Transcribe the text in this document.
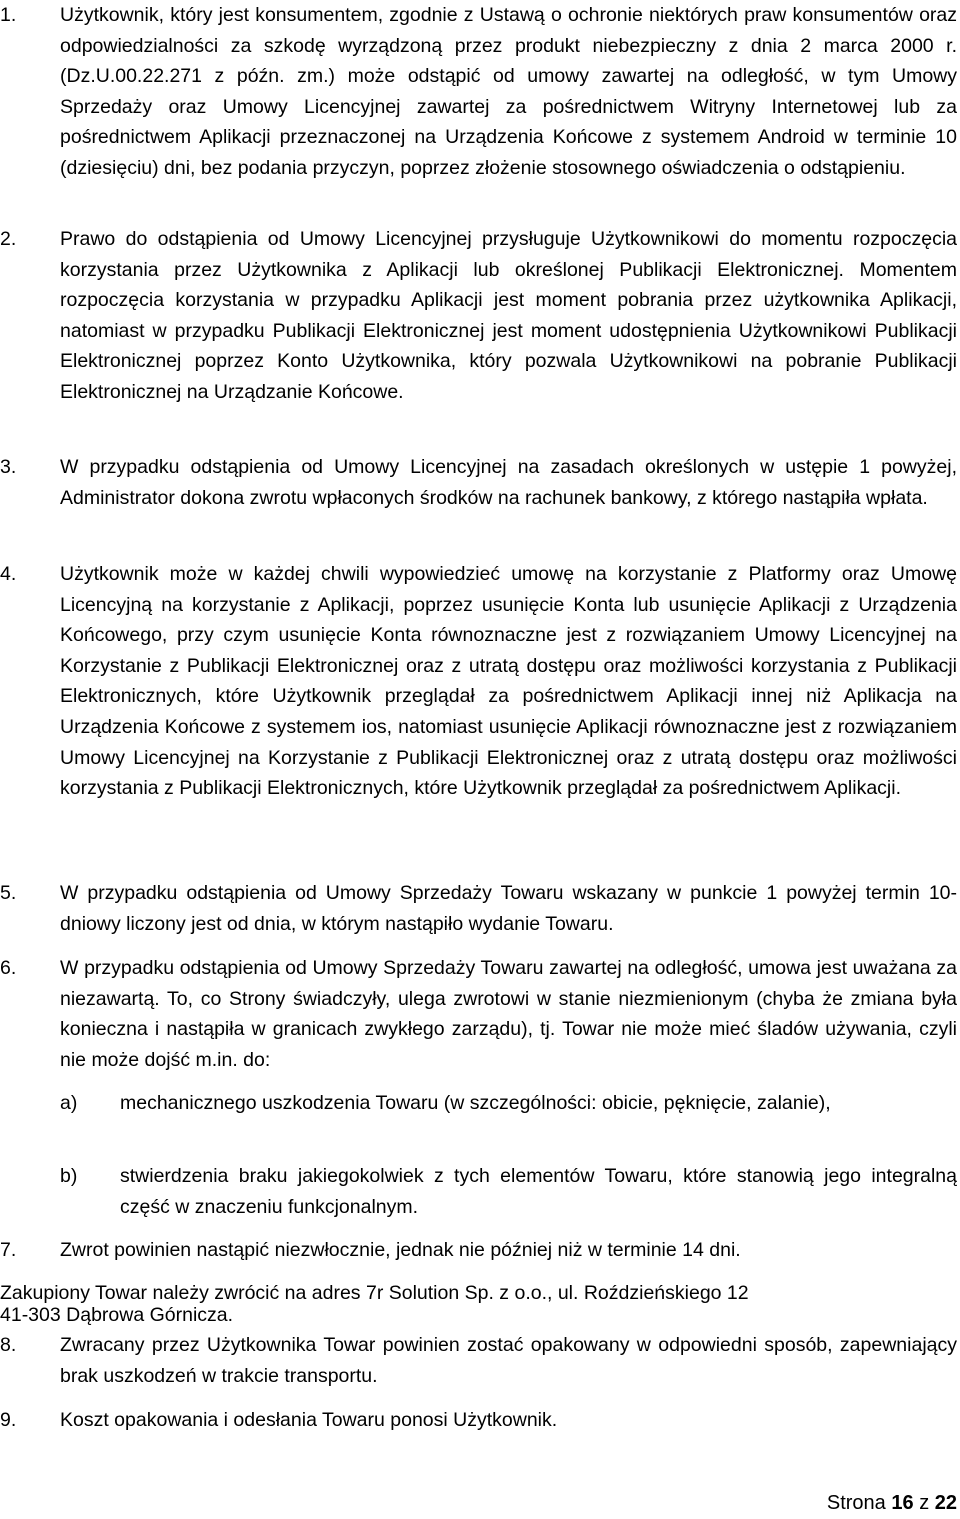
1. Użytkownik, który jest konsumentem, zgodnie z Ustawą o ochronie niektórych praw konsumentów oraz odpowiedzialności za szkodę wyrządzoną przez produkt niebezpieczny z dnia 2 marca 2000 r. (Dz.U.00.22.271 z późn. zm.) może odstąpić od umowy zawartej na odległość, w tym Umowy Sprzedaży oraz Umowy Licencyjnej zawartej za pośrednictwem Witryny Internetowej lub za pośrednictwem Aplikacji przeznaczonej na Urządzenia Końcowe z systemem Android w terminie 10 (dziesięciu) dni, bez podania przyczyn, poprzez złożenie stosownego oświadczenia o odstąpieniu.
2. Prawo do odstąpienia od Umowy Licencyjnej przysługuje Użytkownikowi do momentu rozpoczęcia korzystania przez Użytkownika z Aplikacji lub określonej Publikacji Elektronicznej. Momentem rozpoczęcia korzystania w przypadku Aplikacji jest moment pobrania przez użytkownika Aplikacji, natomiast w przypadku Publikacji Elektronicznej jest moment udostępnienia Użytkownikowi Publikacji Elektronicznej poprzez Konto Użytkownika, który pozwala Użytkownikowi na pobranie Publikacji Elektronicznej na Urządzanie Końcowe.
3. W przypadku odstąpienia od Umowy Licencyjnej na zasadach określonych w ustępie 1 powyżej, Administrator dokona zwrotu wpłaconych środków na rachunek bankowy, z którego nastąpiła wpłata.
4. Użytkownik może w każdej chwili wypowiedzieć umowę na korzystanie z Platformy oraz Umowę Licencyjną na korzystanie z Aplikacji, poprzez usunięcie Konta lub usunięcie Aplikacji z Urządzenia Końcowego, przy czym usunięcie Konta równoznaczne jest z rozwiązaniem Umowy Licencyjnej na Korzystanie z Publikacji Elektronicznej oraz z utratą dostępu oraz możliwości korzystania z Publikacji Elektronicznych, które Użytkownik przeglądał za pośrednictwem Aplikacji innej niż Aplikacja na Urządzenia Końcowe z systemem ios, natomiast usunięcie Aplikacji równoznaczne jest z rozwiązaniem Umowy Licencyjnej na Korzystanie z Publikacji Elektronicznej oraz z utratą dostępu oraz możliwości korzystania z Publikacji Elektronicznych, które Użytkownik przeglądał za pośrednictwem Aplikacji.
5. W przypadku odstąpienia od Umowy Sprzedaży Towaru wskazany w punkcie 1 powyżej termin 10-dniowy liczony jest od dnia, w którym nastąpiło wydanie Towaru.
6. W przypadku odstąpienia od Umowy Sprzedaży Towaru zawartej na odległość, umowa jest uważana za niezawartą. To, co Strony świadczyły, ulega zwrotowi w stanie niezmienionym (chyba że zmiana była konieczna i nastąpiła w granicach zwykłego zarządu), tj. Towar nie może mieć śladów używania, czyli nie może dojść m.in. do:
a) mechanicznego uszkodzenia Towaru (w szczególności: obicie, pęknięcie, zalanie),
b) stwierdzenia braku jakiegokolwiek z tych elementów Towaru, które stanowią jego integralną część w znaczeniu funkcjonalnym.
7. Zwrot powinien nastąpić niezwłocznie, jednak nie później niż w terminie 14 dni.
Zakupiony Towar należy zwrócić na adres 7r Solution Sp. z o.o., ul. Roździeńskiego 12
41-303 Dąbrowa Górnicza.
8. Zwracany przez Użytkownika Towar powinien zostać opakowany w odpowiedni sposób, zapewniający brak uszkodzeń w trakcie transportu.
9. Koszt opakowania i odesłania Towaru ponosi Użytkownik.
Strona 16 z 22
